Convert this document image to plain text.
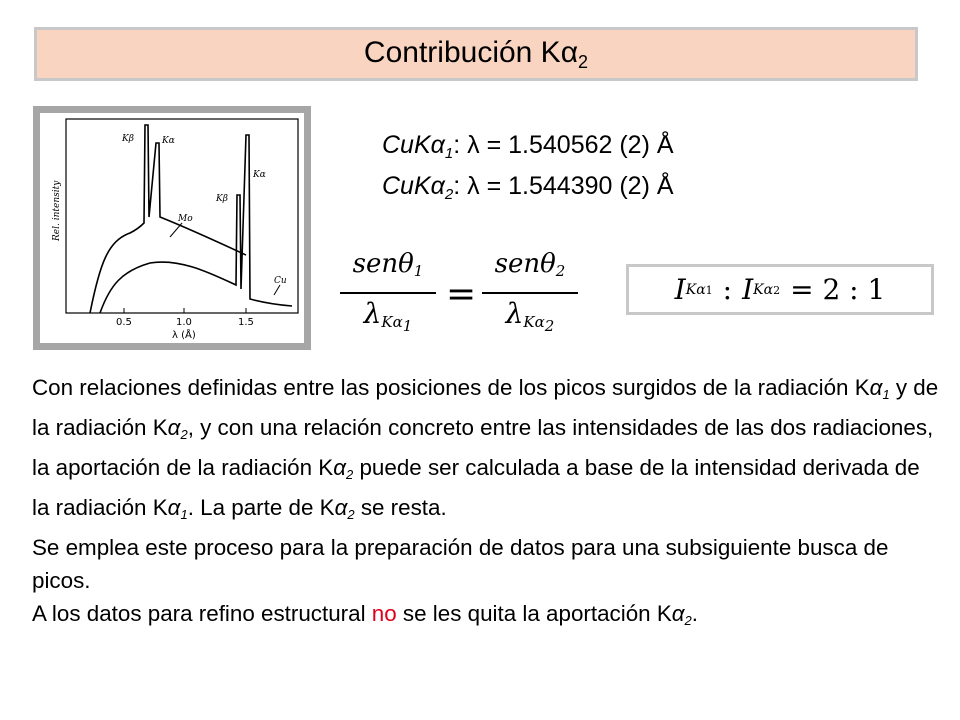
Contribución $K\alpha_2$
Kβ	Kα
Mo
Kβ
Kα
Cu
0.5	1.0	1.5
λ (Å)
Rel. intensity
CuKα$_1$: λ = 1.540562 (2) Å
CuKα$_2$: λ = 1.544390 (2) Å
senθ$_1$
$\lambda_{K\alpha_1}$
=
senθ$_2$
$\lambda_{K\alpha_2}$
I Kα1 : I Kα2 = 2 : 1

Con relaciones definidas entre las posiciones de los picos surgidos de la radiación $K\alpha_1$ y de la radiación $K\alpha_2$, y con una relación concreto entre las intensidades de las dos radiaciones, la aportación de la radiación $K\alpha_2$ puede ser calculada a base de la intensidad derivada de la radiación $K\alpha_1$. La parte de $K\alpha_2$ se resta.

Se emplea este proceso para la preparación de datos para una subsiguiente busca de picos.

A los datos para refino estructural no se les quita la aportación $K\alpha_2$.
